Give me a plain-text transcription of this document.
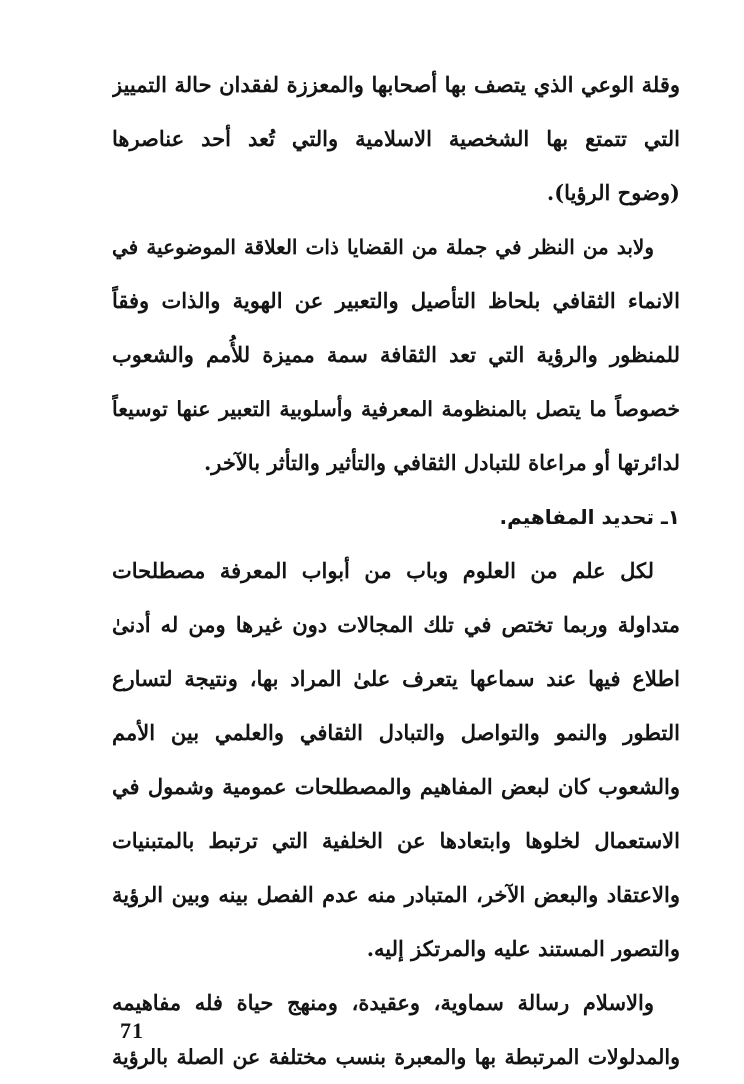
وقلة الوعي الذي يتصف بها أصحابها والمعززة لفقدان حالة التمييز
التي تتمتع بها الشخصية الاسلامية والتي تُعد أحد عناصرها
(وضوح الرؤيا).
ولابد من النظر في جملة من القضايا ذات العلاقة الموضوعية في
الانماء الثقافي بلحاظ التأصيل والتعبير عن الهوية والذات وفقاً
للمنظور والرؤية التي تعد الثقافة سمة مميزة للأُمم والشعوب
خصوصاً ما يتصل بالمنظومة المعرفية وأسلوبية التعبير عنها توسيعاً
لدائرتها أو مراعاة للتبادل الثقافي والتأثير والتأثر بالآخر.
١ـ تحديد المفاهيم.
لكل علم من العلوم وباب من أبواب المعرفة مصطلحات
متداولة وربما تختص في تلك المجالات دون غيرها ومن له أدنىٰ
اطلاع فيها عند سماعها يتعرف علىٰ المراد بها، ونتيجة لتسارع
التطور والنمو والتواصل والتبادل الثقافي والعلمي بين الأمم
والشعوب كان لبعض المفاهيم والمصطلحات عمومية وشمول في
الاستعمال لخلوها وابتعادها عن الخلفية التي ترتبط بالمتبنيات
والاعتقاد والبعض الآخر، المتبادر منه عدم الفصل بينه وبين الرؤية
والتصور المستند عليه والمرتكز إليه.
والاسلام رسالة سماوية، وعقيدة، ومنهج حياة فله مفاهيمه
والمدلولات المرتبطة بها والمعبرة بنسب مختلفة عن الصلة بالرؤية
71
